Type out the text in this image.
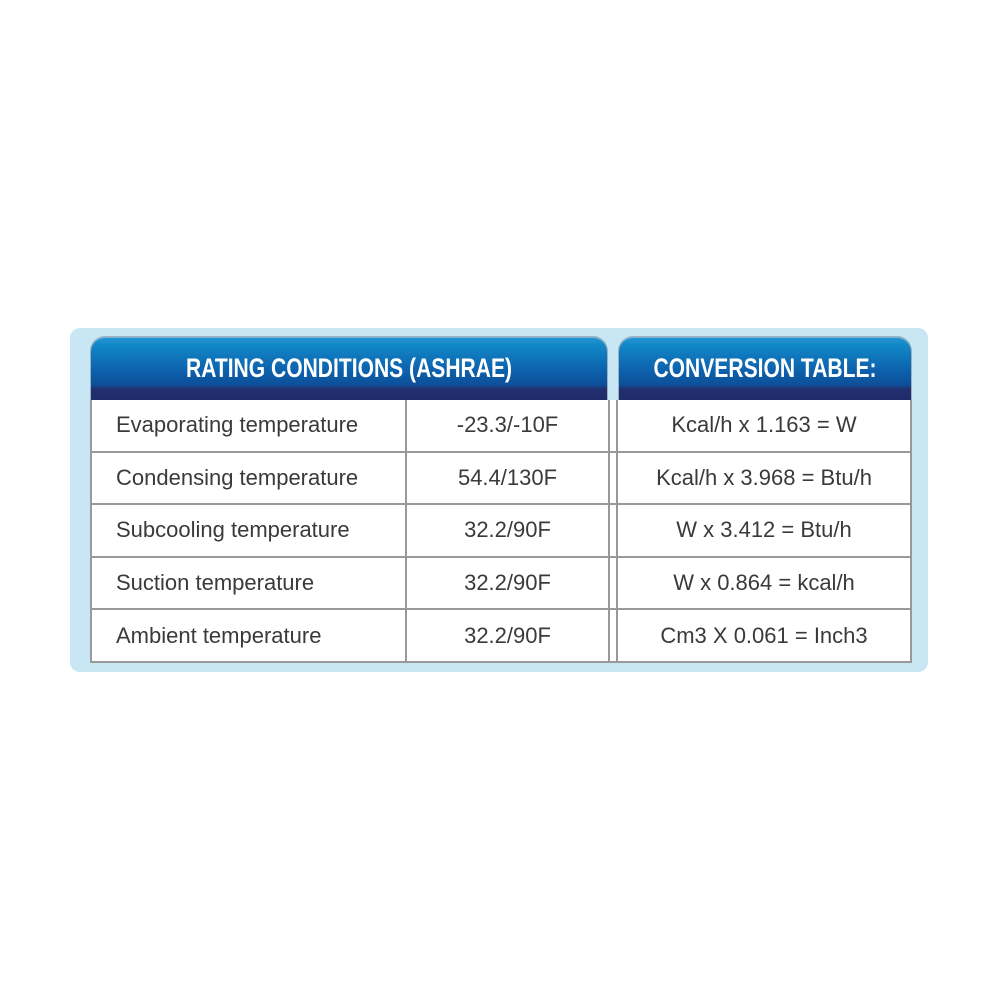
RATING CONDITIONS (ASHRAE)	CONVERSION TABLE:
Evaporating temperature	-23.3/-10F	Kcal/h x 1.163 = W
Condensing temperature	54.4/130F	Kcal/h x 3.968 = Btu/h
Subcooling temperature	32.2/90F	W x 3.412 = Btu/h
Suction temperature	32.2/90F	W x 0.864 = kcal/h
Ambient temperature	32.2/90F	Cm3 X 0.061 = Inch3
